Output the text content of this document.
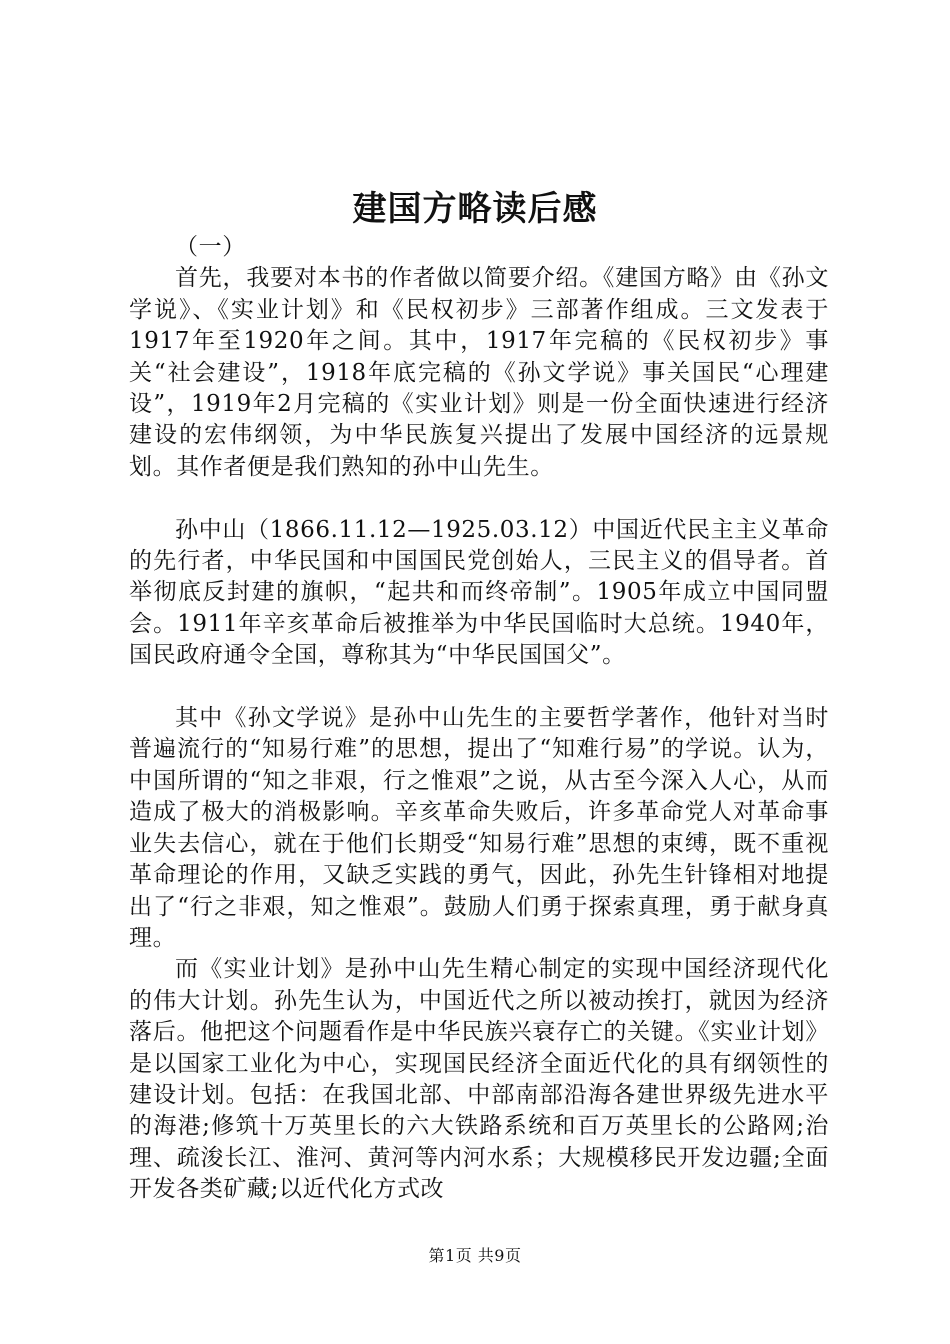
建国方略读后感

（一）

首先，我要对本书的作者做以简要介绍。《建国方略》由《孙文学说》、《实业计划》和《民权初步》三部著作组成。三文发表于1917年至1920年之间。其中，1917年完稿的《民权初步》事关“社会建设”，1918年底完稿的《孙文学说》事关国民“心理建设”，1919年2月完稿的《实业计划》则是一份全面快速进行经济建设的宏伟纲领，为中华民族复兴提出了发展中国经济的远景规划。其作者便是我们熟知的孙中山先生。

孙中山（1866.11.12—1925.03.12）中国近代民主主义革命的先行者，中华民国和中国国民党创始人，三民主义的倡导者。首举彻底反封建的旗帜，“起共和而终帝制”。1905年成立中国同盟会。1911年辛亥革命后被推举为中华民国临时大总统。1940年，国民政府通令全国，尊称其为“中华民国国父”。

其中《孙文学说》是孙中山先生的主要哲学著作，他针对当时普遍流行的“知易行难”的思想，提出了“知难行易”的学说。认为，中国所谓的“知之非艰，行之惟艰”之说，从古至今深入人心，从而造成了极大的消极影响。辛亥革命失败后，许多革命党人对革命事业失去信心，就在于他们长期受“知易行难”思想的束缚，既不重视革命理论的作用，又缺乏实践的勇气，因此，孙先生针锋相对地提出了“行之非艰，知之惟艰”。鼓励人们勇于探索真理，勇于献身真理。

而《实业计划》是孙中山先生精心制定的实现中国经济现代化的伟大计划。孙先生认为，中国近代之所以被动挨打，就因为经济落后。他把这个问题看作是中华民族兴衰存亡的关键。《实业计划》是以国家工业化为中心，实现国民经济全面近代化的具有纲领性的建设计划。包括：在我国北部、中部南部沿海各建世界级先进水平的海港;修筑十万英里长的六大铁路系统和百万英里长的公路网;治理、疏浚长江、淮河、黄河等内河水系；大规模移民开发边疆;全面开发各类矿藏;以近代化方式改

第1页 共9页
